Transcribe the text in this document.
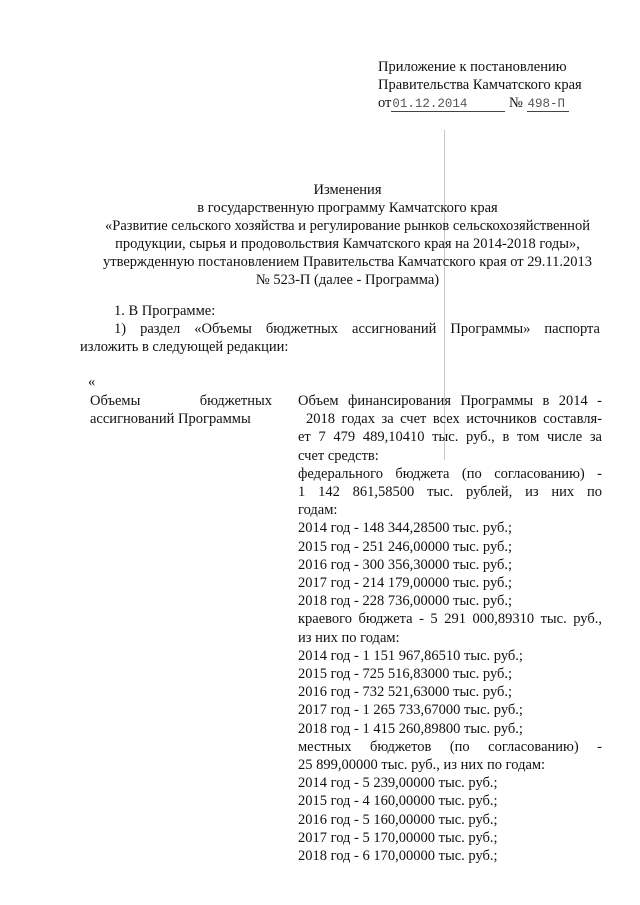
Приложение к постановлению
Правительства Камчатского края
от01.12.2014	№ 498-П
Изменения
в государственную программу Камчатского края
«Развитие сельского хозяйства и регулирование рынков сельскохозяйственной
продукции, сырья и продовольствия Камчатского края на 2014-2018 годы»,
утвержденную постановлением Правительства Камчатского края от 29.11.2013
№ 523-П (далее - Программа)
1. В Программе:
1) раздел «Объемы бюджетных ассигнований Программы» паспорта
изложить в следующей редакции:
«
Объемы бюджетных
ассигнований Программы
Объем финансирования Программы в 2014 -
2018 годах за счет всех источников составля-
ет 7 479 489,10410 тыс. руб., в том числе за
счет средств:
федерального бюджета (по согласованию) -
1 142 861,58500 тыс. рублей, из них по
годам:
2014 год - 148 344,28500 тыс. руб.;
2015 год - 251 246,00000 тыс. руб.;
2016 год - 300 356,30000 тыс. руб.;
2017 год - 214 179,00000 тыс. руб.;
2018 год - 228 736,00000 тыс. руб.;
краевого бюджета - 5 291 000,89310 тыс. руб.,
из них по годам:
2014 год - 1 151 967,86510 тыс. руб.;
2015 год - 725 516,83000 тыс. руб.;
2016 год - 732 521,63000 тыс. руб.;
2017 год - 1 265 733,67000 тыс. руб.;
2018 год - 1 415 260,89800 тыс. руб.;
местных бюджетов (по согласованию) -
25 899,00000 тыс. руб., из них по годам:
2014 год - 5 239,00000 тыс. руб.;
2015 год - 4 160,00000 тыс. руб.;
2016 год - 5 160,00000 тыс. руб.;
2017 год - 5 170,00000 тыс. руб.;
2018 год - 6 170,00000 тыс. руб.;
